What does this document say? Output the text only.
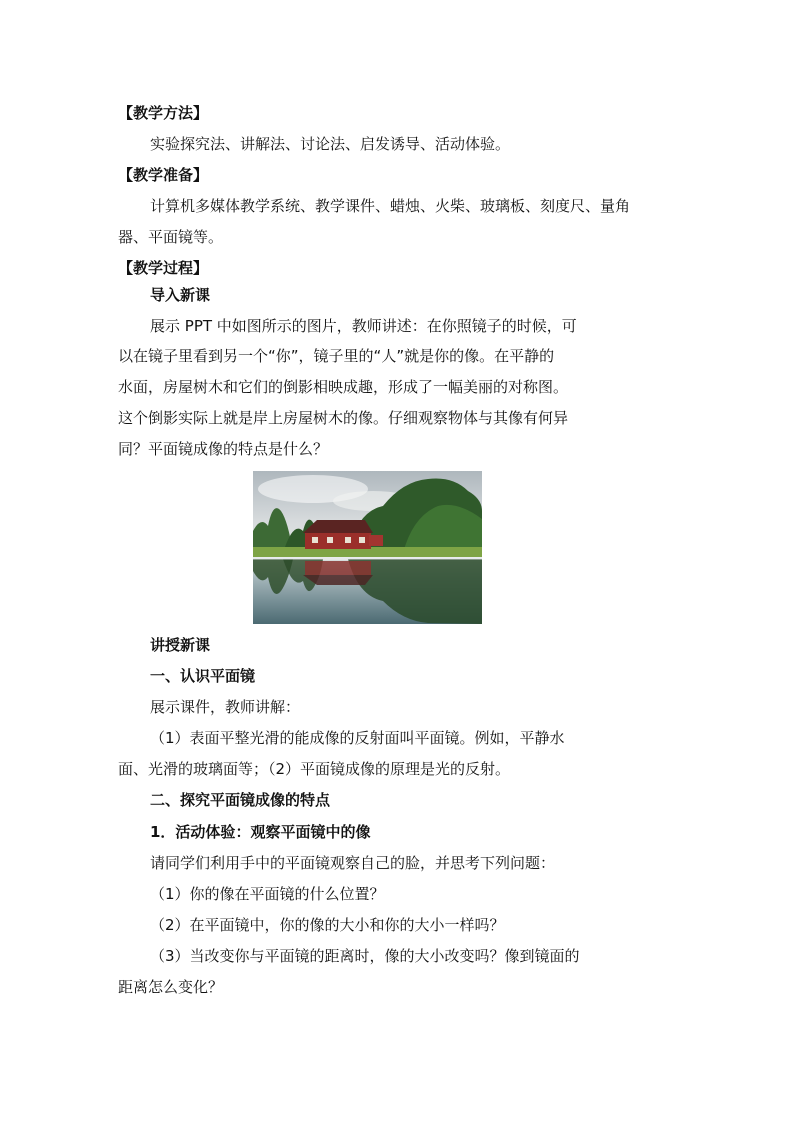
【教学方法】
实验探究法、讲解法、讨论法、启发诱导、活动体验。
【教学准备】
计算机多媒体教学系统、教学课件、蜡烛、火柴、玻璃板、刻度尺、量角
器、平面镜等。
【教学过程】
导入新课
展示 PPT 中如图所示的图片，教师讲述：在你照镜子的时候，可
以在镜子里看到另一个“你”，镜子里的“人”就是你的像。在平静的
水面，房屋树木和它们的倒影相映成趣，形成了一幅美丽的对称图。
这个倒影实际上就是岸上房屋树木的像。仔细观察物体与其像有何异
同？平面镜成像的特点是什么？
讲授新课
一、认识平面镜
展示课件，教师讲解：
（1）表面平整光滑的能成像的反射面叫平面镜。例如，平静水
面、光滑的玻璃面等；（2）平面镜成像的原理是光的反射。
二、探究平面镜成像的特点
1．活动体验：观察平面镜中的像
请同学们利用手中的平面镜观察自己的脸，并思考下列问题：
（1）你的像在平面镜的什么位置？
（2）在平面镜中，你的像的大小和你的大小一样吗？
（3）当改变你与平面镜的距离时，像的大小改变吗？像到镜面的
距离怎么变化？
